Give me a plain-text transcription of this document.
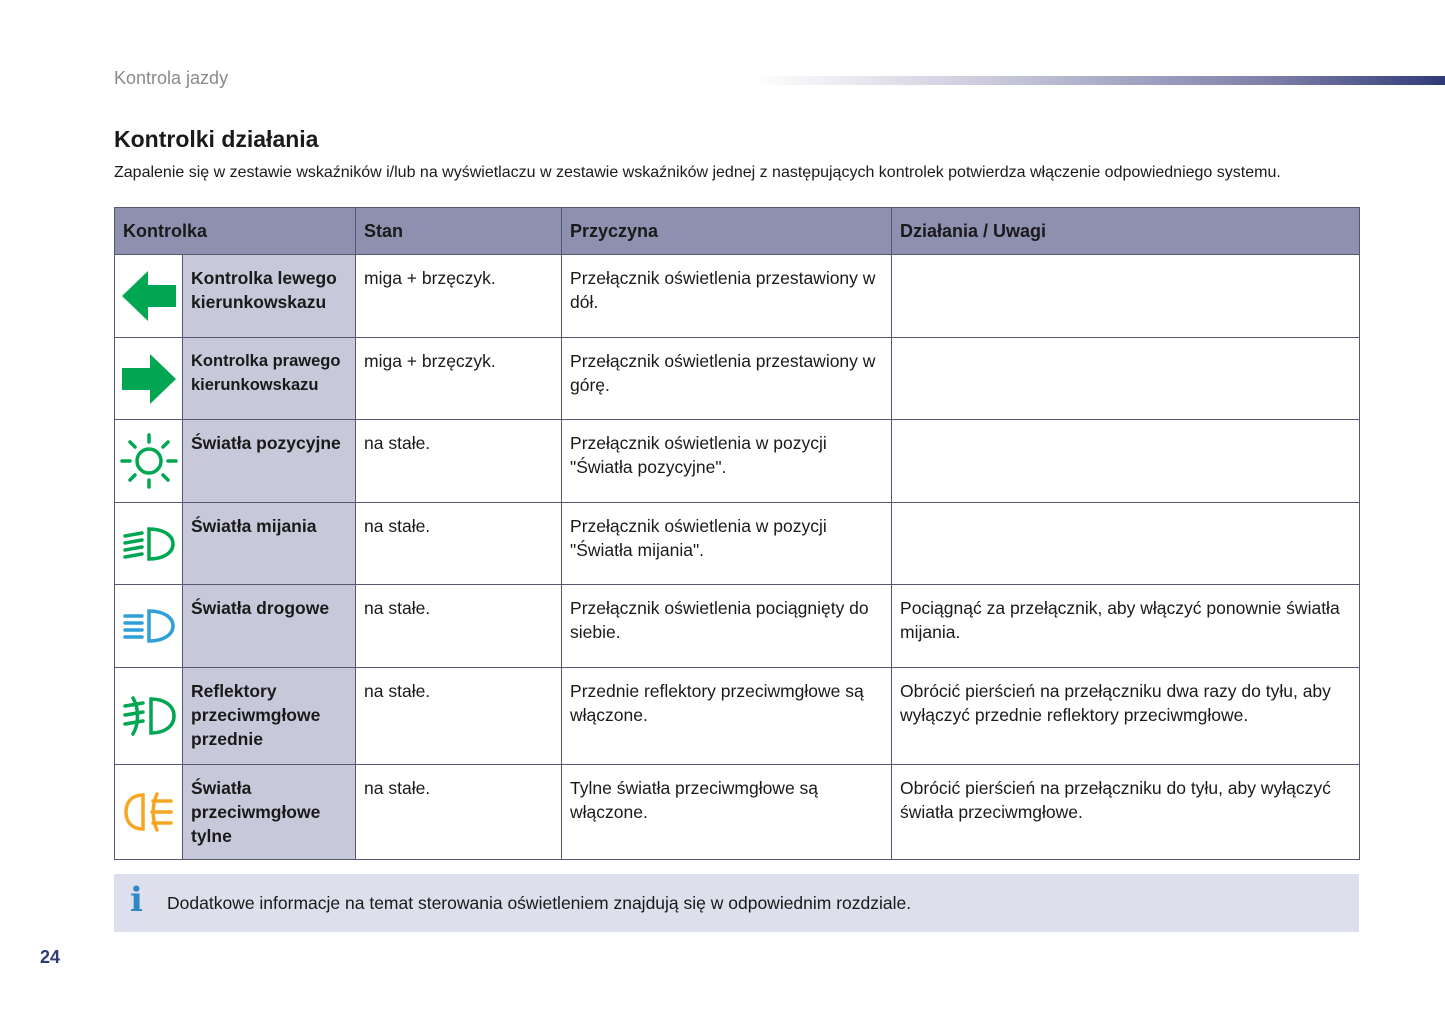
Kontrola jazdy
Kontrolki działania
Zapalenie się w zestawie wskaźników i/lub na wyświetlaczu w zestawie wskaźników jednej z następujących kontrolek potwierdza włączenie odpowiedniego systemu.
Kontrolka		Stan	Przyczyna	Działania / Uwagi
	Kontrolka lewego kierunkowskazu	miga + brzęczyk.	Przełącznik oświetlenia przestawiony w dół.	
	Kontrolka prawego kierunkowskazu	miga + brzęczyk.	Przełącznik oświetlenia przestawiony w górę.	
	Światła pozycyjne	na stałe.	Przełącznik oświetlenia w pozycji "Światła pozycyjne".	
	Światła mijania	na stałe.	Przełącznik oświetlenia w pozycji "Światła mijania".	
	Światła drogowe	na stałe.	Przełącznik oświetlenia pociągnięty do siebie.	Pociągnąć za przełącznik, aby włączyć ponownie światła mijania.
	Reflektory przeciwmgłowe przednie	na stałe.	Przednie reflektory przeciwmgłowe są włączone.	Obrócić pierścień na przełączniku dwa razy do tyłu, aby wyłączyć przednie reflektory przeciwmgłowe.
	Światła przeciwmgłowe tylne	na stałe.	Tylne światła przeciwmgłowe są włączone.	Obrócić pierścień na przełączniku do tyłu, aby wyłączyć światła przeciwmgłowe.
i Dodatkowe informacje na temat sterowania oświetleniem znajdują się w odpowiednim rozdziale.
24
